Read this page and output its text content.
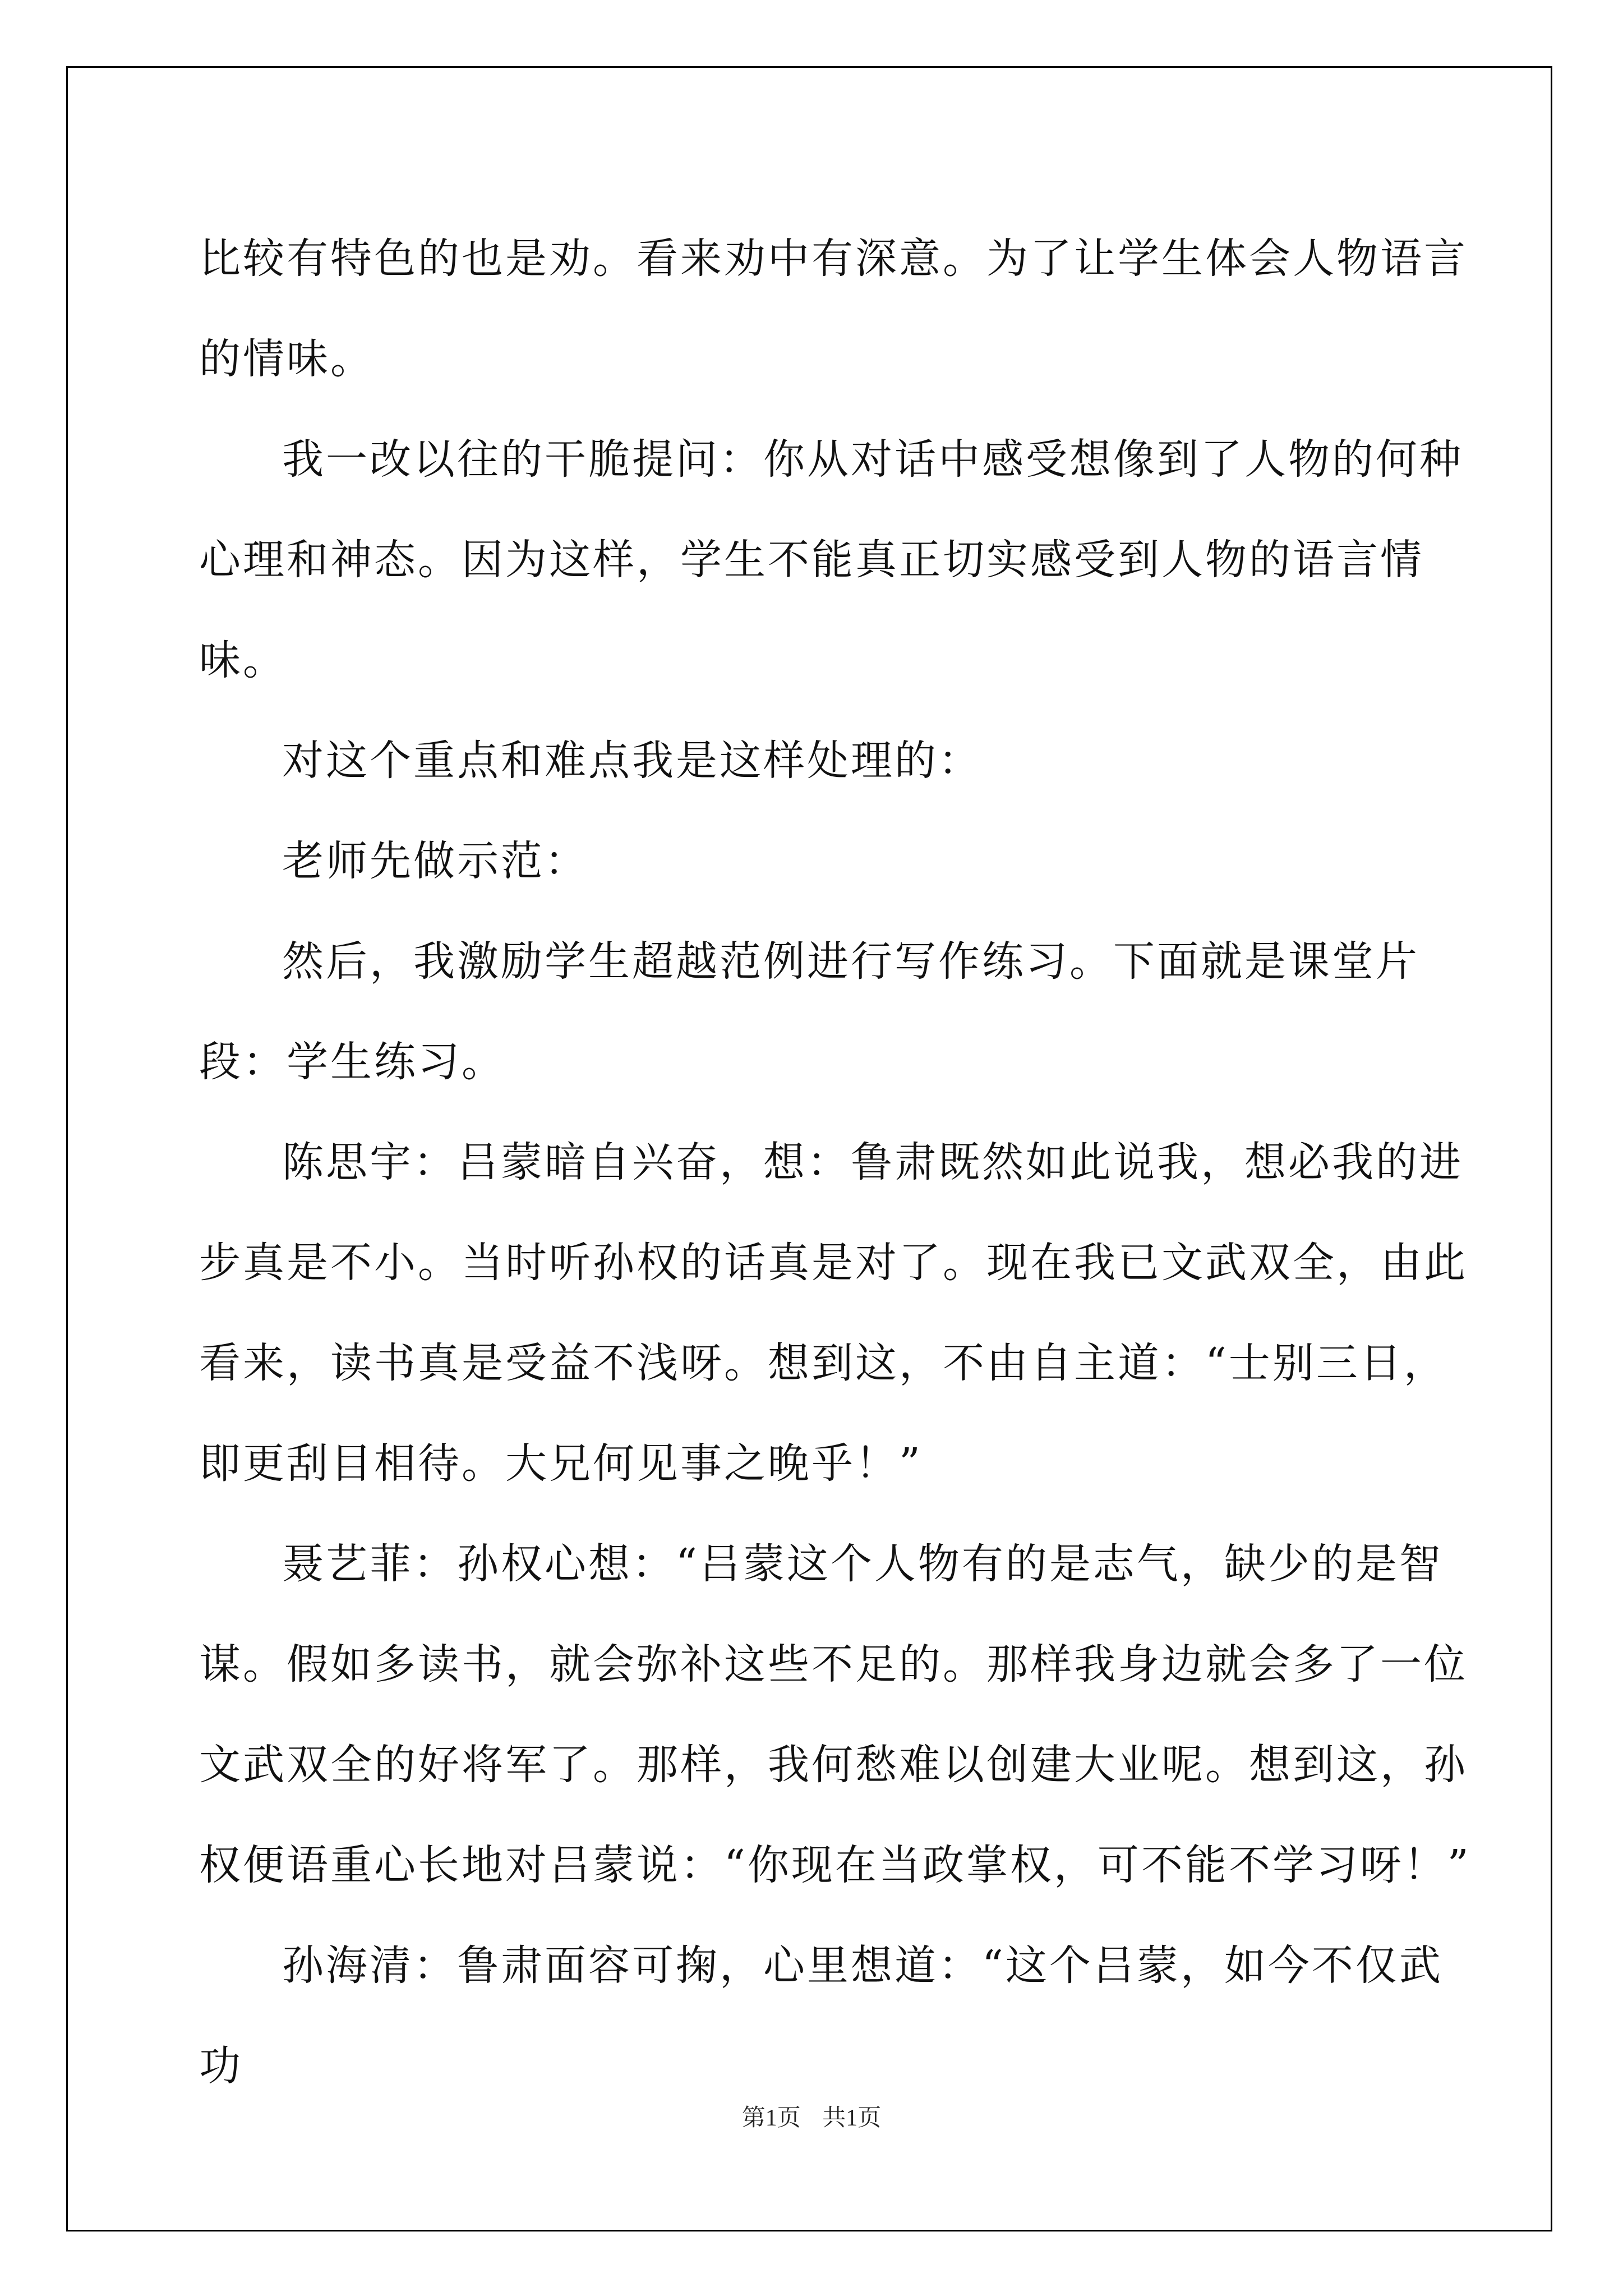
比较有特色的也是劝。看来劝中有深意。为了让学生体会人物语言的情味。

我一改以往的干脆提问：你从对话中感受想像到了人物的何种心理和神态。因为这样，学生不能真正切实感受到人物的语言情味。

对这个重点和难点我是这样处理的：

老师先做示范：

然后，我激励学生超越范例进行写作练习。下面就是课堂片段：学生练习。

陈思宇：吕蒙暗自兴奋，想：鲁肃既然如此说我，想必我的进步真是不小。当时听孙权的话真是对了。现在我已文武双全，由此看来，读书真是受益不浅呀。想到这，不由自主道：“士别三日，即更刮目相待。大兄何见事之晚乎！”

聂艺菲：孙权心想：“吕蒙这个人物有的是志气，缺少的是智谋。假如多读书，就会弥补这些不足的。那样我身边就会多了一位文武双全的好将军了。那样，我何愁难以创建大业呢。想到这，孙权便语重心长地对吕蒙说：“你现在当政掌权，可不能不学习呀！”

孙海清：鲁肃面容可掬，心里想道：“这个吕蒙，如今不仅武功

第1页 共1页
